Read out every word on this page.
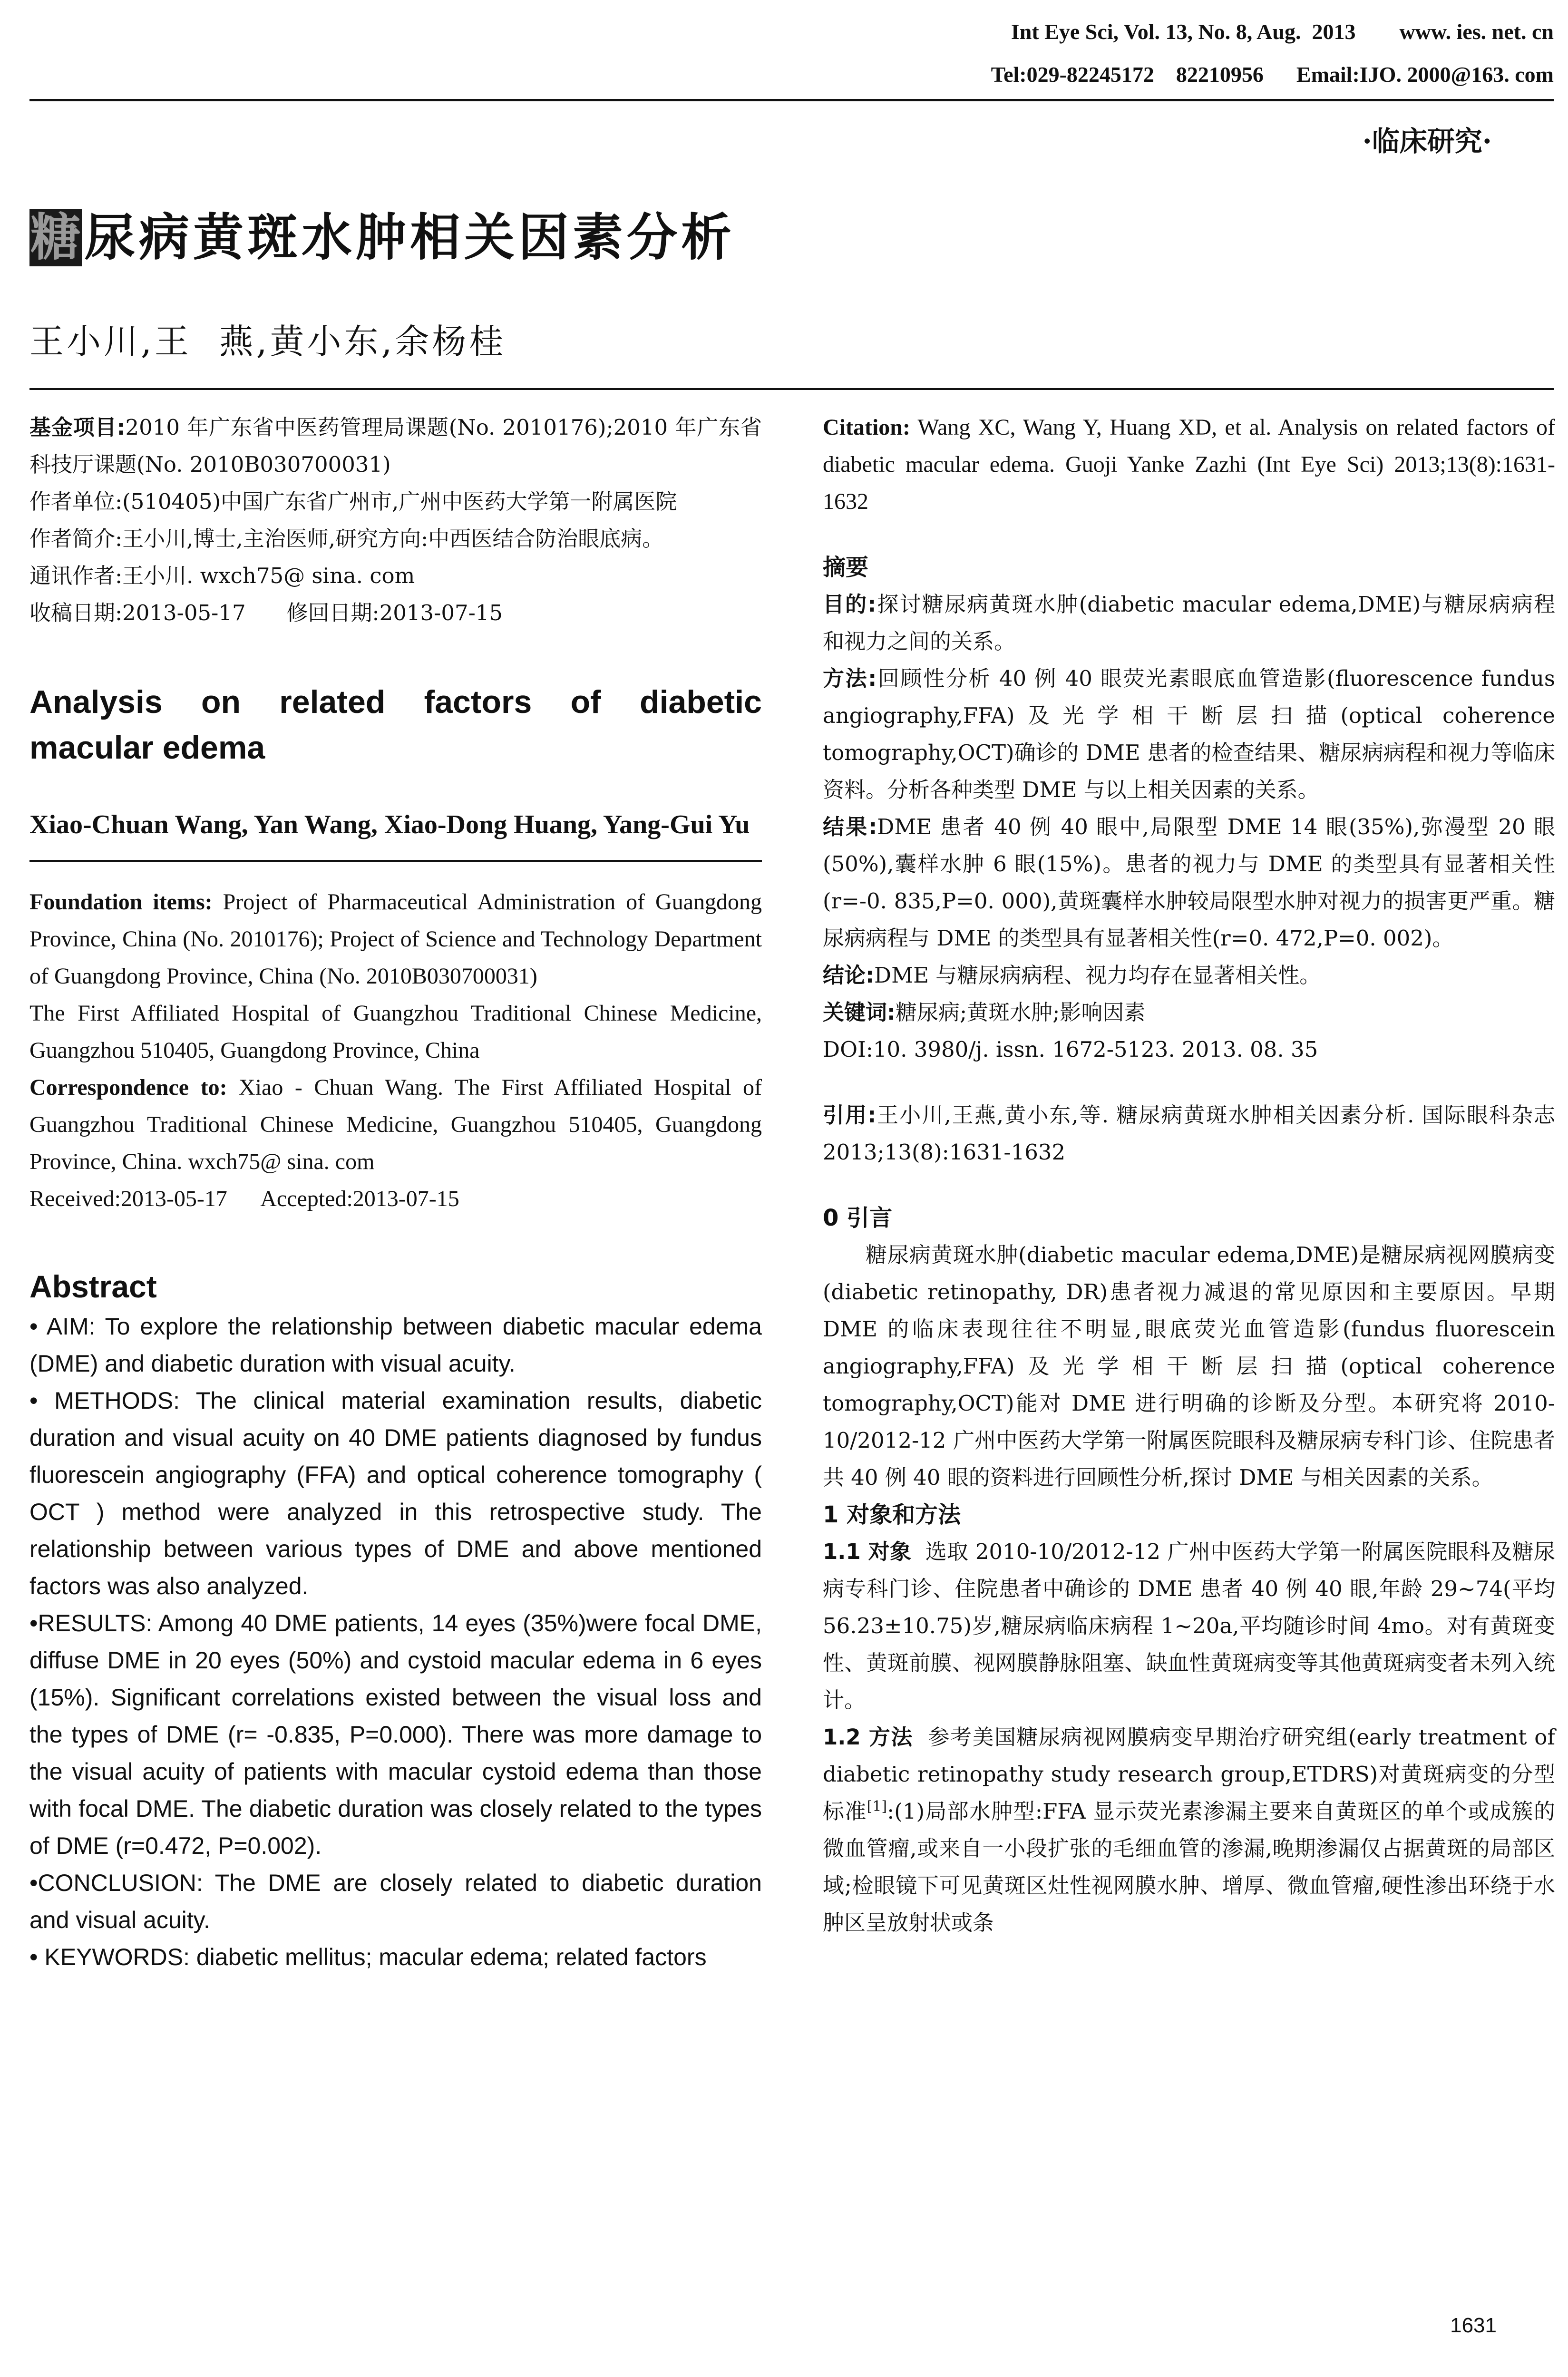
Int Eye Sci, Vol. 13, No. 8, Aug.  2013        www. ies. net. cn
Tel:029-82245172    82210956      Email:IJO. 2000@163. com
·临床研究·
糖 尿病黄斑水肿相关因素分析
王小川,王  燕,黄小东,余杨桂

基金项目:2010 年广东省中医药管理局课题(No. 2010176);2010 年广东省科技厅课题(No. 2010B030700031)

作者单位:(510405)中国广东省广州市,广州中医药大学第一附属医院

作者简介:王小川,博士,主治医师,研究方向:中西医结合防治眼底病。

通讯作者:王小川. wxch75@ sina. com

收稿日期:2013-05-17      修回日期:2013-07-15

Analysis  on  related  factors  of  diabetic macular edema

Xiao-Chuan Wang, Yan Wang, Xiao-Dong Huang, Yang-Gui Yu

Foundation items: Project of Pharmaceutical Administration of Guangdong Province, China (No. 2010176); Project of Science and Technology Department of Guangdong Province, China (No. 2010B030700031)

The First Affiliated Hospital of Guangzhou Traditional Chinese Medicine, Guangzhou 510405, Guangdong Province, China

Correspondence to: Xiao - Chuan Wang. The First Affiliated Hospital of Guangzhou Traditional Chinese Medicine, Guangzhou 510405, Guangdong Province, China. wxch75@ sina. com

Received:2013-05-17      Accepted:2013-07-15

Abstract

• AIM: To explore the relationship between diabetic macular edema (DME) and diabetic duration with visual acuity.

• METHODS: The clinical material examination results, diabetic duration and visual acuity on 40 DME patients diagnosed by fundus fluorescein angiography (FFA) and optical coherence tomography ( OCT ) method were analyzed in this retrospective study. The relationship between various types of DME and above mentioned factors was also analyzed.

•RESULTS: Among 40 DME patients, 14 eyes (35%)were focal DME, diffuse DME in 20 eyes (50%) and cystoid macular edema in 6 eyes (15%). Significant correlations existed between the visual loss and the types of DME (r= -0.835, P=0.000). There was more damage to the visual acuity of patients with macular cystoid edema than those with focal DME. The diabetic duration was closely related to the types of DME (r=0.472, P=0.002).

•CONCLUSION: The DME are closely related to diabetic duration and visual acuity.

• KEYWORDS: diabetic mellitus; macular edema; related factors

Citation: Wang XC, Wang Y, Huang XD, et al. Analysis on related factors of diabetic macular edema. Guoji Yanke Zazhi (Int Eye Sci) 2013;13(8):1631-1632

摘要

目的:探讨糖尿病黄斑水肿(diabetic macular edema,DME)与糖尿病病程和视力之间的关系。

方法:回顾性分析 40 例 40 眼荧光素眼底血管造影(fluorescence fundus angiography,FFA)及光学相干断层扫描(optical coherence tomography,OCT)确诊的 DME 患者的检查结果、糖尿病病程和视力等临床资料。分析各种类型 DME 与以上相关因素的关系。

结果:DME 患者 40 例 40 眼中,局限型 DME 14 眼(35%),弥漫型 20 眼(50%),囊样水肿 6 眼(15%)。患者的视力与 DME 的类型具有显著相关性(r=-0. 835,P=0. 000),黄斑囊样水肿较局限型水肿对视力的损害更严重。糖尿病病程与 DME 的类型具有显著相关性(r=0. 472,P=0. 002)。

结论:DME 与糖尿病病程、视力均存在显著相关性。

关键词:糖尿病;黄斑水肿;影响因素

DOI:10. 3980/j. issn. 1672-5123. 2013. 08. 35

引用:王小川,王燕,黄小东,等. 糖尿病黄斑水肿相关因素分析. 国际眼科杂志 2013;13(8):1631-1632

0 引言

糖尿病黄斑水肿(diabetic macular edema,DME)是糖尿病视网膜病变(diabetic retinopathy, DR)患者视力减退的常见原因和主要原因。早期 DME 的临床表现往往不明显,眼底荧光血管造影(fundus fluorescein angiography,FFA)及光学相干断层扫描(optical coherence tomography,OCT)能对 DME 进行明确的诊断及分型。本研究将 2010-10/2012-12 广州中医药大学第一附属医院眼科及糖尿病专科门诊、住院患者共 40 例 40 眼的资料进行回顾性分析,探讨 DME 与相关因素的关系。

1 对象和方法

1.1 对象  选取 2010-10/2012-12 广州中医药大学第一附属医院眼科及糖尿病专科门诊、住院患者中确诊的 DME 患者 40 例 40 眼,年龄 29~74(平均 56.23±10.75)岁,糖尿病临床病程 1~20a,平均随诊时间 4mo。对有黄斑变性、黄斑前膜、视网膜静脉阻塞、缺血性黄斑病变等其他黄斑病变者未列入统计。

1.2 方法  参考美国糖尿病视网膜病变早期治疗研究组(early treatment of diabetic retinopathy study research group,ETDRS)对黄斑病变的分型标准[1]:(1)局部水肿型:FFA 显示荧光素渗漏主要来自黄斑区的单个或成簇的微血管瘤,或来自一小段扩张的毛细血管的渗漏,晚期渗漏仅占据黄斑的局部区域;检眼镜下可见黄斑区灶性视网膜水肿、增厚、微血管瘤,硬性渗出环绕于水肿区呈放射状或条

1631
